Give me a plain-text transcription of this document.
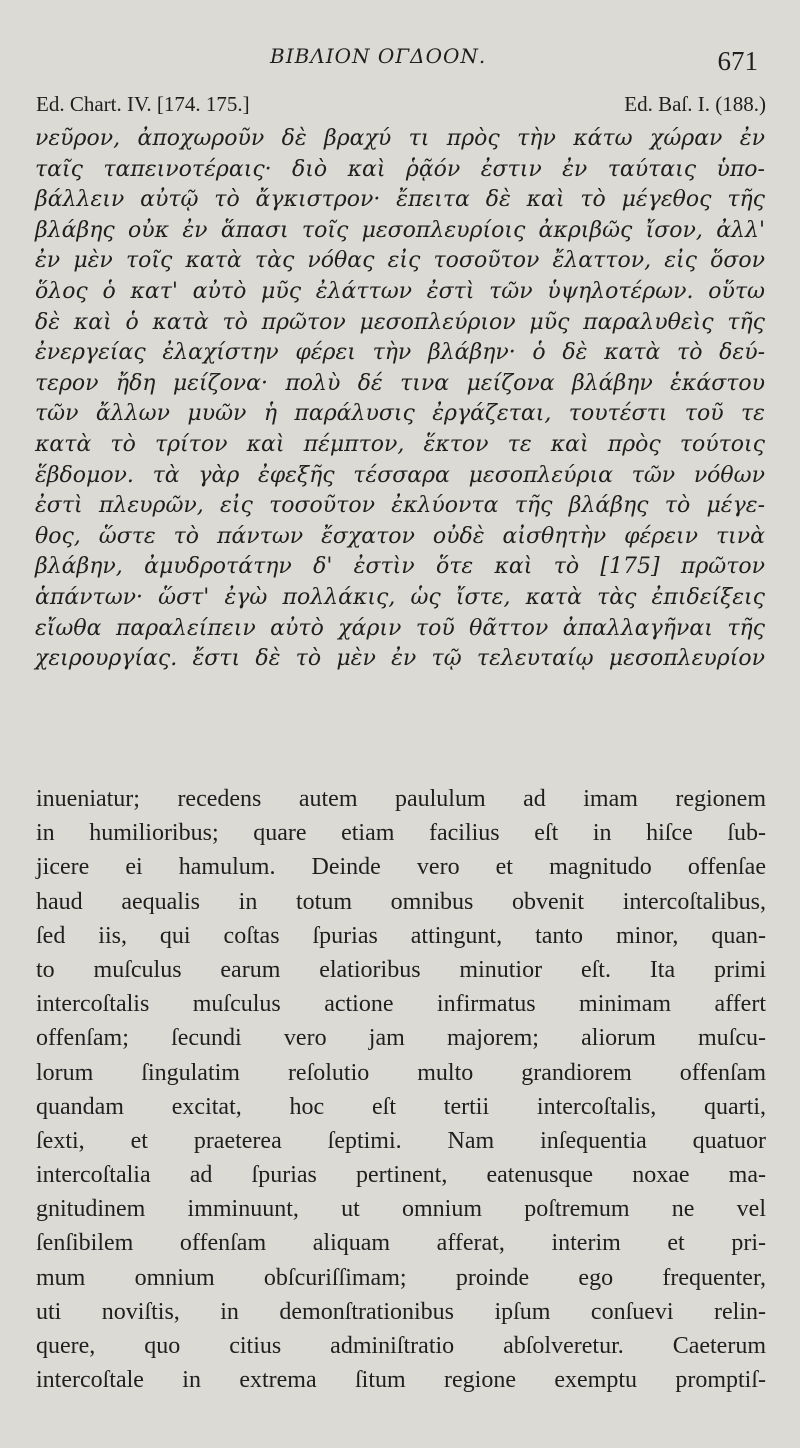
BIBΛΙΟΝ ΟΓΔΟΟΝ.	671
Ed. Chart. IV. [174. 175.]	Ed. Baſ. I. (188.)
νεῦρον, ἀποχωροῦν δὲ βραχύ τι πρὸς τὴν κάτω χώραν ἐν
ταῖς ταπεινοτέραις· διὸ καὶ ῥᾷόν ἐστιν ἐν ταύταις ὑπο-
βάλλειν αὐτῷ τὸ ἄγκιστρον· ἔπειτα δὲ καὶ τὸ μέγεθος τῆς
βλάβης οὐκ ἐν ἅπασι τοῖς μεσοπλευρίοις ἀκριβῶς ἴσον, ἀλλ'
ἐν μὲν τοῖς κατὰ τὰς νόθας εἰς τοσοῦτον ἔλαττον, εἰς ὅσον
ὅλος ὁ κατ' αὐτὸ μῦς ἐλάττων ἐστὶ τῶν ὑψηλοτέρων. οὕτω
δὲ καὶ ὁ κατὰ τὸ πρῶτον μεσοπλεύριον μῦς παραλυθεὶς τῆς
ἐνεργείας ἐλαχίστην φέρει τὴν βλάβην· ὁ δὲ κατὰ τὸ δεύ-
τερον ἤδη μείζονα· πολὺ δέ τινα μείζονα βλάβην ἑκάστου
τῶν ἄλλων μυῶν ἡ παράλυσις ἐργάζεται, τουτέστι τοῦ τε
κατὰ τὸ τρίτον καὶ πέμπτον, ἕκτον τε καὶ πρὸς τούτοις
ἕβδομον. τὰ γὰρ ἐφεξῆς τέσσαρα μεσοπλεύρια τῶν νόθων
ἐστὶ πλευρῶν, εἰς τοσοῦτον ἐκλύοντα τῆς βλάβης τὸ μέγε-
θος, ὥστε τὸ πάντων ἔσχατον οὐδὲ αἰσθητὴν φέρειν τινὰ
βλάβην, ἀμυδροτάτην δ' ἐστὶν ὅτε καὶ τὸ [175] πρῶτον
ἁπάντων· ὥστ' ἐγὼ πολλάκις, ὡς ἴστε, κατὰ τὰς ἐπιδείξεις
εἴωθα παραλείπειν αὐτὸ χάριν τοῦ θᾶττον ἀπαλλαγῆναι τῆς
χειρουργίας. ἔστι δὲ τὸ μὲν ἐν τῷ τελευταίῳ μεσοπλευρίον
inueniatur; recedens autem paululum ad imam regionem
in humilioribus; quare etiam facilius eſt in hiſce ſub-
jicere ei hamulum. Deinde vero et magnitudo offenſae
haud aequalis in totum omnibus obvenit intercoſtalibus,
ſed iis, qui coſtas ſpurias attingunt, tanto minor, quan-
to muſculus earum elatioribus minutior eſt. Ita primi
intercoſtalis muſculus actione infirmatus minimam affert
offenſam; ſecundi vero jam majorem; aliorum muſcu-
lorum ſingulatim reſolutio multo grandiorem offenſam
quandam excitat, hoc eſt tertii intercoſtalis, quarti,
ſexti, et praeterea ſeptimi. Nam inſequentia quatuor
intercoſtalia ad ſpurias pertinent, eatenusque noxae ma-
gnitudinem imminuunt, ut omnium poſtremum ne vel
ſenſibilem offenſam aliquam afferat, interim et pri-
mum omnium obſcuriſſimam; proinde ego frequenter,
uti noviſtis, in demonſtrationibus ipſum conſuevi relin-
quere, quo citius adminiſtratio abſolveretur. Caeterum
intercoſtale in extrema ſitum regione exemptu promptiſ-
